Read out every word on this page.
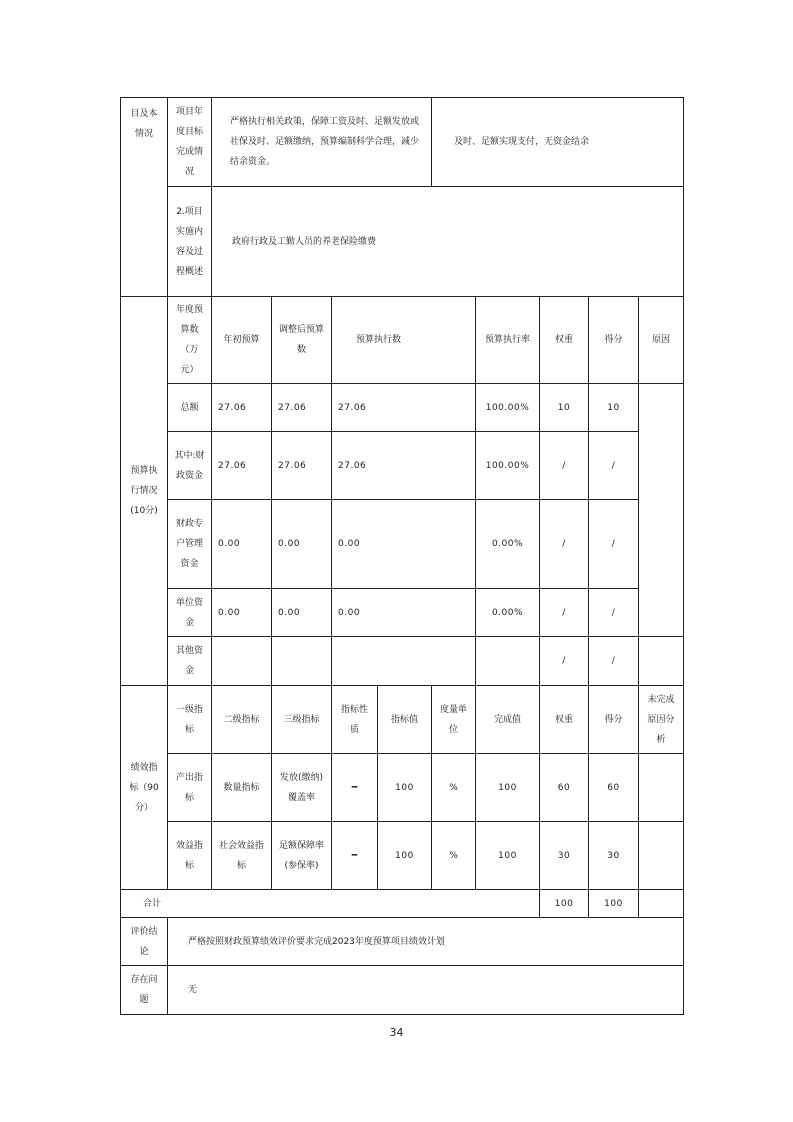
目及本情况	项目年度目标完成情况	严格执行相关政策，保障工资及时、足额发放或社保及时、足额缴纳，预算编制科学合理，减少结余资金。				及时、足额实现支付，无资金结余				
	2.项目实施内容及过程概述	政府行政及工勤人员的养老保险缴费								
预算执行情况(10分)	年度预算数（万元）	年初预算	调整后预算数	预算执行数			预算执行率	权重	得分	原因
	总额	27.06	27.06	27.06			100.00%	10	10	
	其中:财政资金	27.06	27.06	27.06			100.00%	/	/	
	财政专户管理资金	0.00	0.00	0.00			0.00%	/	/	
	单位资金	0.00	0.00	0.00			0.00%	/	/	
	其他资金							/	/	
绩效指标（90分）	一级指标	二级指标	三级指标	指标性质	指标值	度量单位	完成值	权重	得分	未完成原因分析
	产出指标	数量指标	发放(缴纳)覆盖率	━	100	%	100	60	60	
	效益指标	社会效益指标	足额保障率(参保率)	━	100	%	100	30	30	
合计								100	100	
评价结论	严格按照财政预算绩效评价要求完成2023年度预算项目绩效计划									
存在问题	无									
34
